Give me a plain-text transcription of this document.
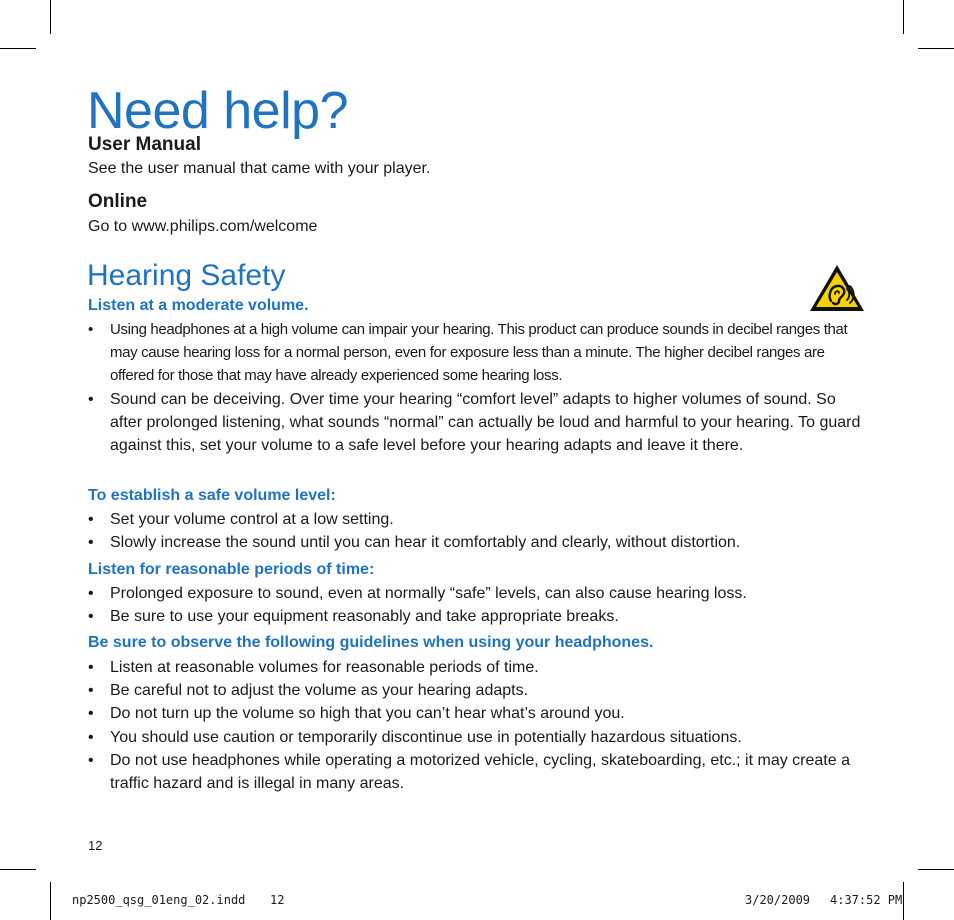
Need help?
User Manual
See the user manual that came with your player.
Online
Go to www.philips.com/welcome
Hearing Safety
Listen at a moderate volume.
• Using headphones at a high volume can impair your hearing. This product can produce sounds in decibel ranges that may cause hearing loss for a normal person, even for exposure less than a minute. The higher decibel ranges are offered for those that may have already experienced some hearing loss.
• Sound can be deceiving. Over time your hearing “comfort level” adapts to higher volumes of sound. So after prolonged listening, what sounds “normal” can actually be loud and harmful to your hearing. To guard against this, set your volume to a safe level before your hearing adapts and leave it there.
To establish a safe volume level:
• Set your volume control at a low setting.
• Slowly increase the sound until you can hear it comfortably and clearly, without distortion.
Listen for reasonable periods of time:
• Prolonged exposure to sound, even at normally “safe” levels, can also cause hearing loss.
• Be sure to use your equipment reasonably and take appropriate breaks.
Be sure to observe the following guidelines when using your headphones.
• Listen at reasonable volumes for reasonable periods of time.
• Be careful not to adjust the volume as your hearing adapts.
• Do not turn up the volume so high that you can’t hear what’s around you.
• You should use caution or temporarily discontinue use in potentially hazardous situations.
• Do not use headphones while operating a motorized vehicle, cycling, skateboarding, etc.; it may create a traffic hazard and is illegal in many areas.
12
np2500_qsg_01eng_02.indd 12	3/20/2009 4:37:52 PM
